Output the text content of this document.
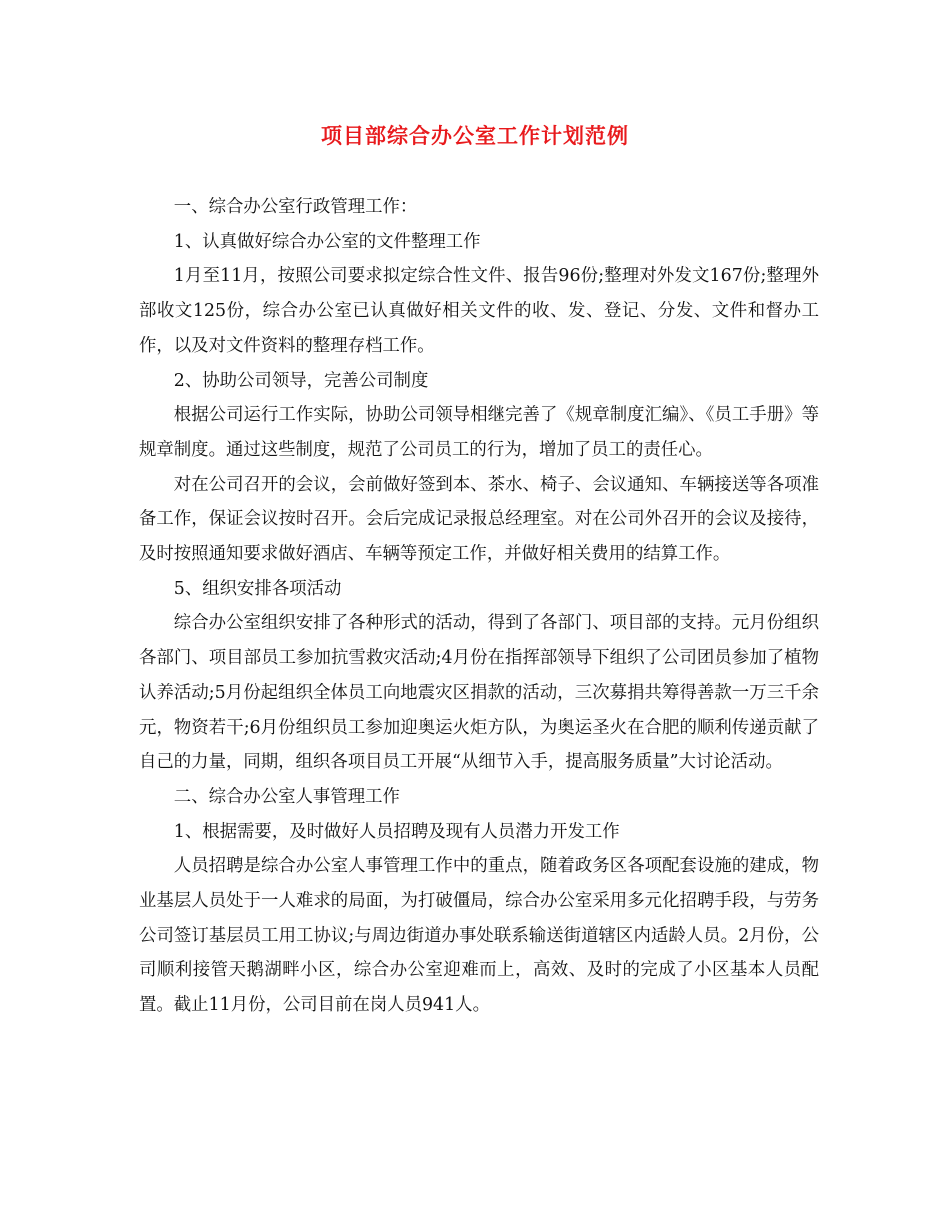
项目部综合办公室工作计划范例

一、综合办公室行政管理工作：

1、认真做好综合办公室的文件整理工作

1月至11月，按照公司要求拟定综合性文件、报告96份;整理对外发文167份;整理外部收文125份，综合办公室已认真做好相关文件的收、发、登记、分发、文件和督办工作，以及对文件资料的整理存档工作。

2、协助公司领导，完善公司制度

根据公司运行工作实际，协助公司领导相继完善了《规章制度汇编》、《员工手册》等规章制度。通过这些制度，规范了公司员工的行为，增加了员工的责任心。

对在公司召开的会议，会前做好签到本、茶水、椅子、会议通知、车辆接送等各项准备工作，保证会议按时召开。会后完成记录报总经理室。对在公司外召开的会议及接待，及时按照通知要求做好酒店、车辆等预定工作，并做好相关费用的结算工作。

5、组织安排各项活动

综合办公室组织安排了各种形式的活动，得到了各部门、项目部的支持。元月份组织各部门、项目部员工参加抗雪救灾活动;4月份在指挥部领导下组织了公司团员参加了植物认养活动;5月份起组织全体员工向地震灾区捐款的活动，三次募捐共筹得善款一万三千余元，物资若干;6月份组织员工参加迎奥运火炬方队，为奥运圣火在合肥的顺利传递贡献了自己的力量，同期，组织各项目员工开展“从细节入手，提高服务质量”大讨论活动。

二、综合办公室人事管理工作

1、根据需要，及时做好人员招聘及现有人员潜力开发工作

人员招聘是综合办公室人事管理工作中的重点，随着政务区各项配套设施的建成，物业基层人员处于一人难求的局面，为打破僵局，综合办公室采用多元化招聘手段，与劳务公司签订基层员工用工协议;与周边街道办事处联系输送街道辖区内适龄人员。2月份，公司顺利接管天鹅湖畔小区，综合办公室迎难而上，高效、及时的完成了小区基本人员配置。截止11月份，公司目前在岗人员941人。
